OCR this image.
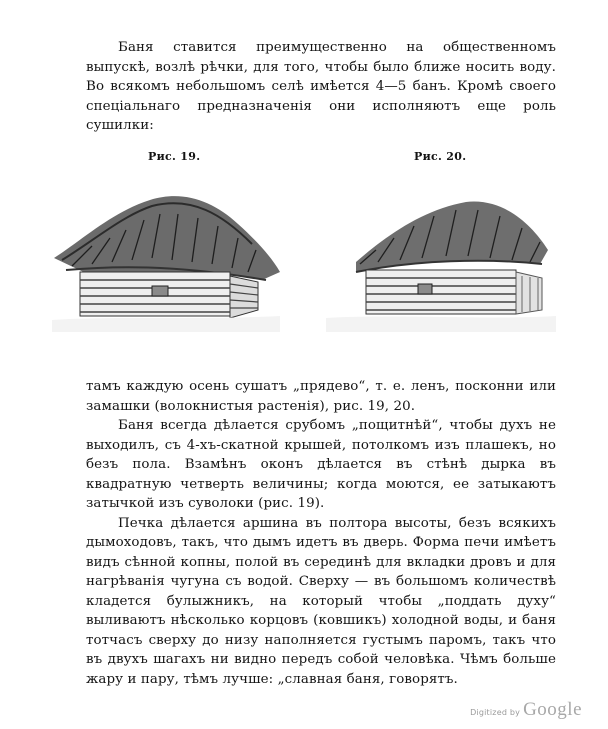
Баня ставится преимущественно на общественномъ выпускѣ, возлѣ рѣчки, для того, чтобы было ближе носить воду. Во всякомъ небольшомъ селѣ имѣется 4—5 банъ. Кромѣ своего спеціальнаго предназначенія они исполняютъ еще роль сушилки:

Рис. 19.	Рис. 20.

тамъ каждую осень сушатъ „прядево“, т. е. ленъ, посконни или замашки (волокнистыя растенія), рис. 19, 20.

Баня всегда дѣлается срубомъ „пощитнѣй“, чтобы духъ не выходилъ, съ 4-хъ-скатной крышей, потолкомъ изъ плашекъ, но безъ пола. Взамѣнъ оконъ дѣлается въ стѣнѣ дырка въ квадратную четверть величины; когда моются, ее затыкаютъ затычкой изъ суволоки (рис. 19).

Печка дѣлается аршина въ полтора высоты, безъ всякихъ дымоходовъ, такъ, что дымъ идетъ въ дверь. Форма печи имѣетъ видъ сѣнной копны, полой въ серединѣ для вкладки дровъ и для нагрѣванія чугуна съ водой. Сверху — въ большомъ количествѣ кладется булыжникъ, на который чтобы „поддать духу“ выливаютъ нѣсколько корцовъ (ковшикъ) холодной воды, и баня тотчасъ сверху до низу наполняется густымъ паромъ, такъ что въ двухъ шагахъ ни видно передъ собой человѣка. Чѣмъ больше жару и пару, тѣмъ лучше: „славная баня, говорятъ.

Digitized by Google
